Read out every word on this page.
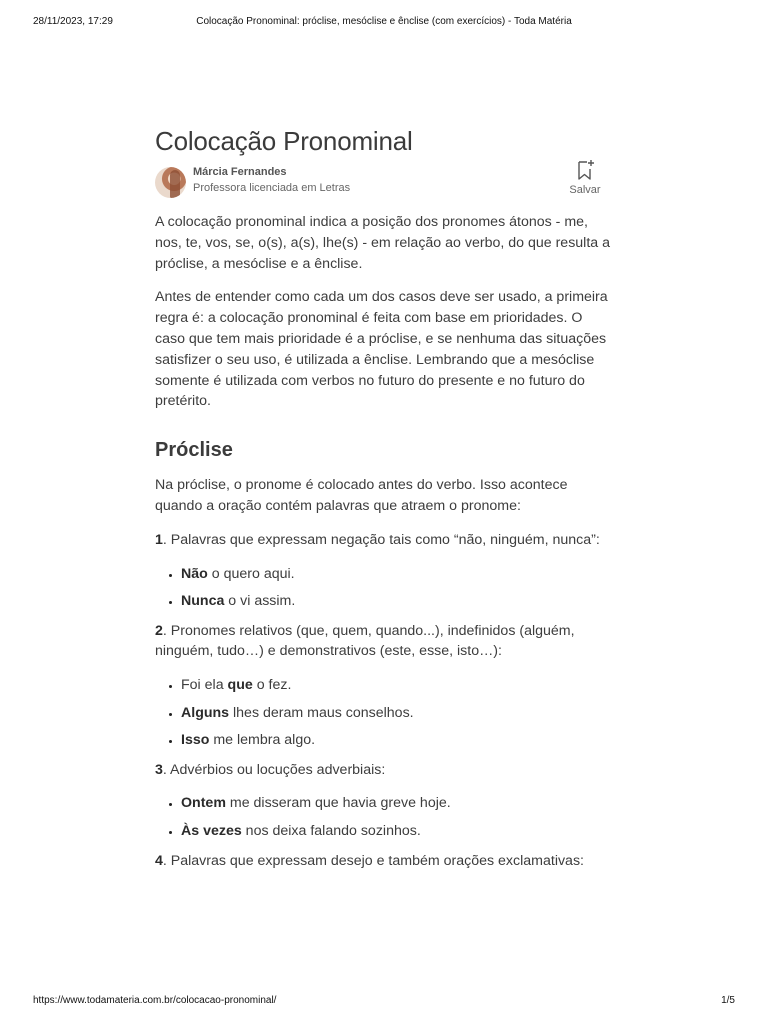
28/11/2023, 17:29	Colocação Pronominal: próclise, mesóclise e ênclise (com exercícios) - Toda Matéria
Colocação Pronominal
Márcia Fernandes
Professora licenciada em Letras	Salvar

A colocação pronominal indica a posição dos pronomes átonos - me, nos, te, vos, se, o(s), a(s), lhe(s) - em relação ao verbo, do que resulta a próclise, a mesóclise e a ênclise.

Antes de entender como cada um dos casos deve ser usado, a primeira regra é: a colocação pronominal é feita com base em prioridades. O caso que tem mais prioridade é a próclise, e se nenhuma das situações satisfizer o seu uso, é utilizada a ênclise. Lembrando que a mesóclise somente é utilizada com verbos no futuro do presente e no futuro do pretérito.

Próclise

Na próclise, o pronome é colocado antes do verbo. Isso acontece quando a oração contém palavras que atraem o pronome:

1. Palavras que expressam negação tais como “não, ninguém, nunca”:

• Não o quero aqui.
• Nunca o vi assim.

2. Pronomes relativos (que, quem, quando...), indefinidos (alguém, ninguém, tudo…) e demonstrativos (este, esse, isto…):

• Foi ela que o fez.
• Alguns lhes deram maus conselhos.
• Isso me lembra algo.

3. Advérbios ou locuções adverbiais:

• Ontem me disseram que havia greve hoje.
• Às vezes nos deixa falando sozinhos.

4. Palavras que expressam desejo e também orações exclamativas:

https://www.todamateria.com.br/colocacao-pronominal/	1/5
